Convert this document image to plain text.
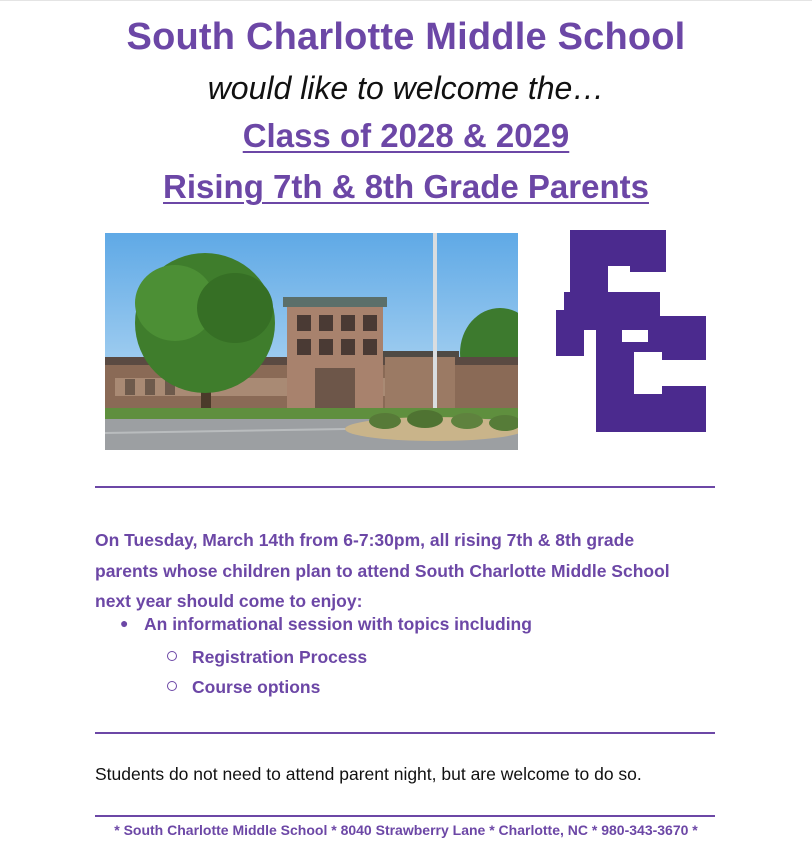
South Charlotte Middle School
would like to welcome the…
Class of 2028 & 2029
Rising 7th & 8th Grade Parents

On Tuesday, March 14th from 6-7:30pm, all rising 7th & 8th grade

parents whose children plan to attend South Charlotte Middle School

next year should come to enjoy:

● An informational session with topics including
Registration Process
Course options
Students do not need to attend parent night, but are welcome to do so.
* South Charlotte Middle School * 8040 Strawberry Lane * Charlotte, NC * 980-343-3670 *
